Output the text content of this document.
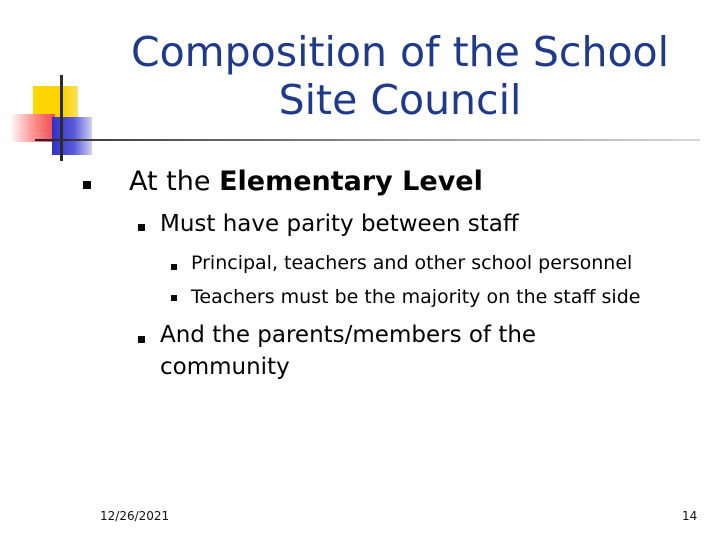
Composition of the School Site Council
At the Elementary Level
Must have parity between staff
Principal, teachers and other school personnel
Teachers must be the majority on the staff side
And the parents/members of the
community
12/26/2021	14
